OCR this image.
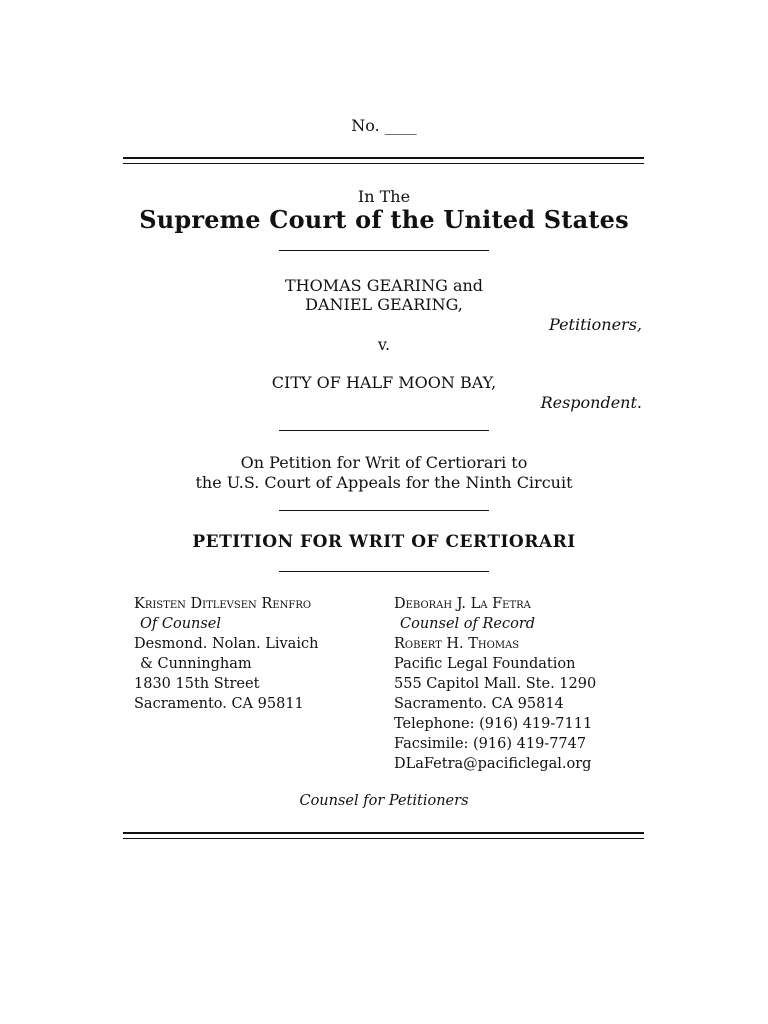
No. ____
In The
Supreme Court of the United States
THOMAS GEARING and
DANIEL GEARING,
Petitioners,
v.
CITY OF HALF MOON BAY,
Respondent.
On Petition for Writ of Certiorari to
the U.S. Court of Appeals for the Ninth Circuit
PETITION FOR WRIT OF CERTIORARI
Kristen Ditlevsen Renfro
Of Counsel
Desmond. Nolan. Livaich
& Cunningham
1830 15th Street
Sacramento. CA 95811
Deborah J. La Fetra
Counsel of Record
Robert H. Thomas
Pacific Legal Foundation
555 Capitol Mall. Ste. 1290
Sacramento. CA 95814
Telephone: (916) 419-7111
Facsimile: (916) 419-7747
DLaFetra@pacificlegal.org
Counsel for Petitioners
